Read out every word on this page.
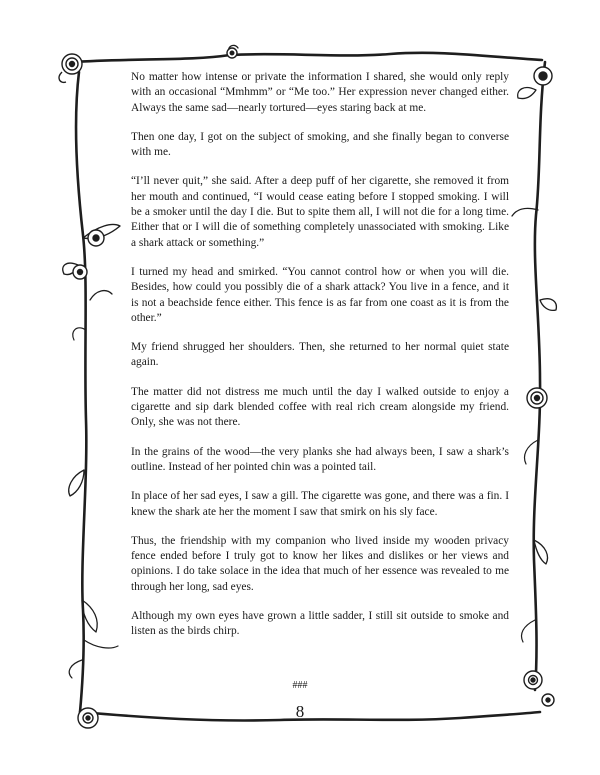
No matter how intense or private the information I shared, she would only reply with an occasional “Mmhmm” or “Me too.” Her expression never changed either. Always the same sad—nearly tortured—eyes staring back at me.

Then one day, I got on the subject of smoking, and she finally began to converse with me.

“I’ll never quit,” she said. After a deep puff of her cigarette, she removed it from her mouth and continued, “I would cease eating before I stopped smoking. I will be a smoker until the day I die. But to spite them all, I will not die for a long time. Either that or I will die of something completely unassociated with smoking. Like a shark attack or something.”

I turned my head and smirked. “You cannot control how or when you will die. Besides, how could you possibly die of a shark attack? You live in a fence, and it is not a beachside fence either. This fence is as far from one coast as it is from the other.”

My friend shrugged her shoulders. Then, she returned to her normal quiet state again.

The matter did not distress me much until the day I walked outside to enjoy a cigarette and sip dark blended coffee with real rich cream alongside my friend. Only, she was not there.

In the grains of the wood—the very planks she had always been, I saw a shark’s outline. Instead of her pointed chin was a pointed tail.

In place of her sad eyes, I saw a gill. The cigarette was gone, and there was a fin. I knew the shark ate her the moment I saw that smirk on his sly face.

Thus, the friendship with my companion who lived inside my wooden privacy fence ended before I truly got to know her likes and dislikes or her views and opinions. I do take solace in the idea that much of her essence was revealed to me through her long, sad eyes.

Although my own eyes have grown a little sadder, I still sit outside to smoke and listen as the birds chirp.

###
8
